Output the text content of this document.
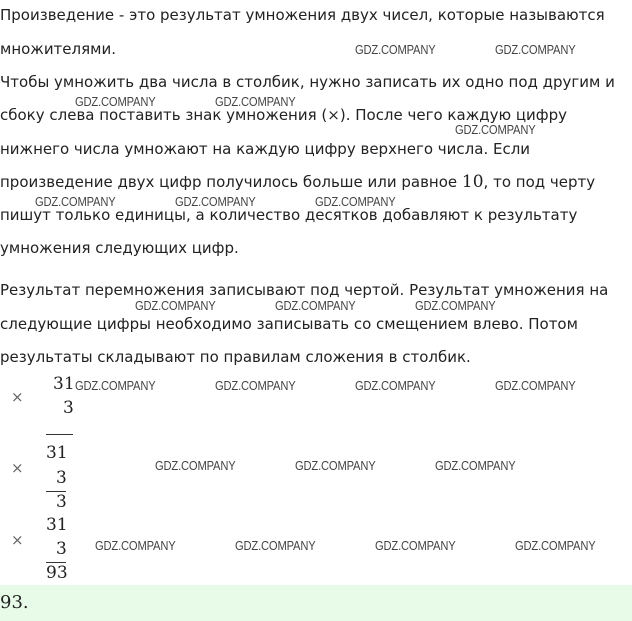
Произведение - это результат умножения двух чисел, которые называются
множителями.
Чтобы умножить два числа в столбик, нужно записать их одно под другим и
сбоку слева поставить знак умножения (×). После чего каждую цифру
нижнего числа умножают на каждую цифру верхнего числа. Если
произведение двух цифр получилось больше или равное 10, то под черту
пишут только единицы, а количество десятков добавляют к результату
умножения следующих цифр.
Результат перемножения записывают под чертой. Результат умножения на
следующие цифры необходимо записывать со смещением влево. Потом
результаты складывают по правилам сложения в столбик.
GDZ.COMPANY	GDZ.COMPANY
GDZ.COMPANY	GDZ.COMPANY
GDZ.COMPANY
GDZ.COMPANY	GDZ.COMPANY	GDZ.COMPANY
GDZ.COMPANY	GDZ.COMPANY	GDZ.COMPANY
GDZ.COMPANY	GDZ.COMPANY	GDZ.COMPANY	GDZ.COMPANY
GDZ.COMPANY	GDZ.COMPANY	GDZ.COMPANY
GDZ.COMPANY	GDZ.COMPANY	GDZ.COMPANY	GDZ.COMPANY
×
31
3
×
31
3
3
×
31
3
93
93.
